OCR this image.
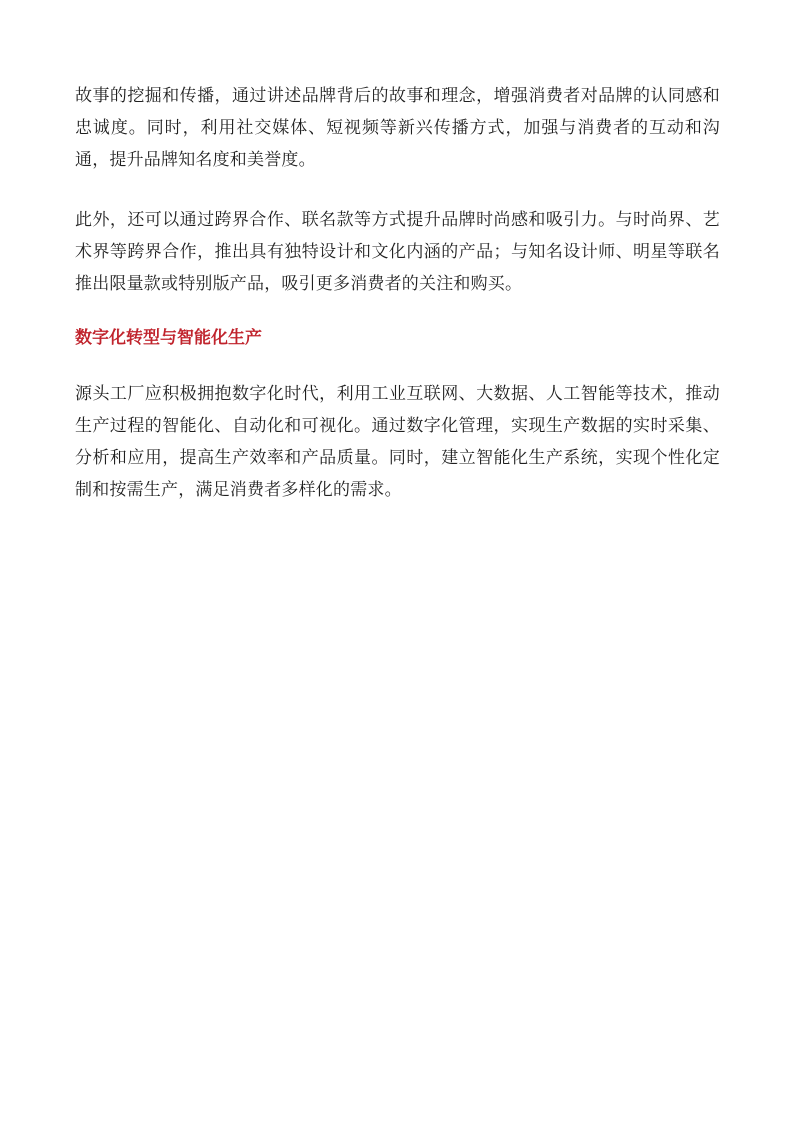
故事的挖掘和传播，通过讲述品牌背后的故事和理念，增强消费者对品牌的认同感和忠诚度。同时，利用社交媒体、短视频等新兴传播方式，加强与消费者的互动和沟通，提升品牌知名度和美誉度。

此外，还可以通过跨界合作、联名款等方式提升品牌时尚感和吸引力。与时尚界、艺术界等跨界合作，推出具有独特设计和文化内涵的产品；与知名设计师、明星等联名推出限量款或特别版产品，吸引更多消费者的关注和购买。

数字化转型与智能化生产

源头工厂应积极拥抱数字化时代，利用工业互联网、大数据、人工智能等技术，推动生产过程的智能化、自动化和可视化。通过数字化管理，实现生产数据的实时采集、分析和应用，提高生产效率和产品质量。同时，建立智能化生产系统，实现个性化定制和按需生产，满足消费者多样化的需求。
